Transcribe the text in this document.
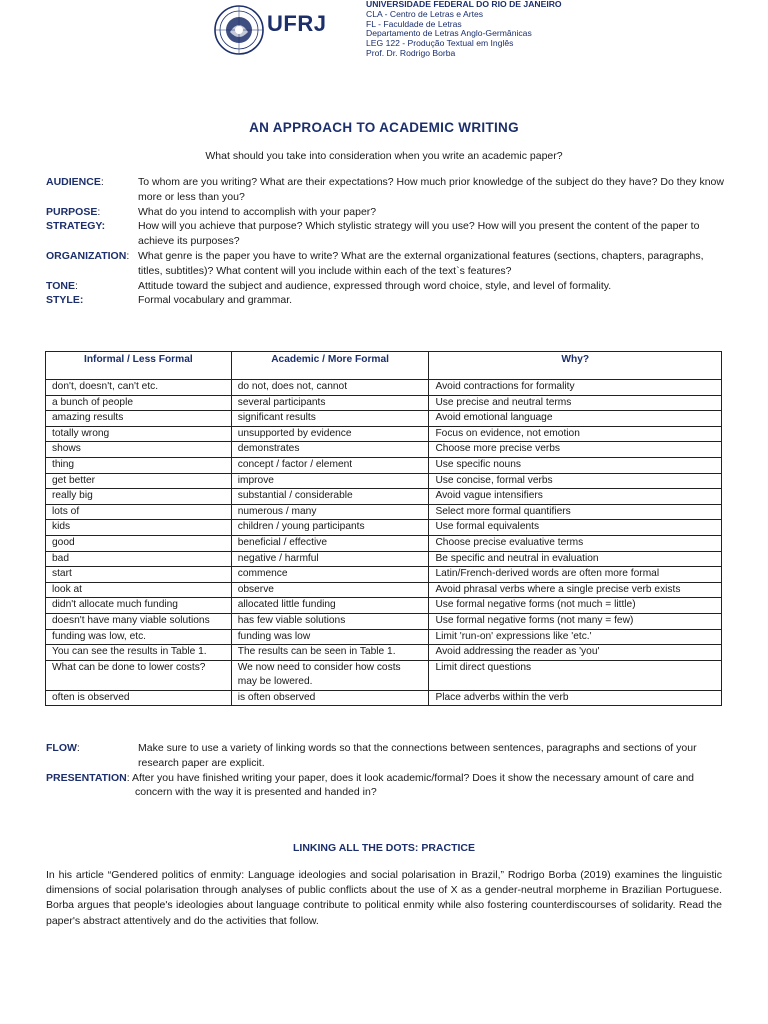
UFRJ
UNIVERSIDADE FEDERAL DO RIO DE JANEIRO
CLA - Centro de Letras e Artes
FL - Faculdade de Letras
Departamento de Letras Anglo-Germânicas
LEG 122 - Produção Textual em Inglês
Prof. Dr. Rodrigo Borba
AN APPROACH TO ACADEMIC WRITING
What should you take into consideration when you write an academic paper?
AUDIENCE:	To whom are you writing? What are their expectations? How much prior knowledge of the subject do they have? Do they know more or less than you?
PURPOSE:	What do you intend to accomplish with your paper?
STRATEGY:	How will you achieve that purpose? Which stylistic strategy will you use? How will you present the content of the paper to achieve its purposes?
ORGANIZATION: What genre is the paper you have to write? What are the external organizational features (sections, chapters, paragraphs, titles, subtitles)? What content will you include within each of the text`s features?
TONE:	Attitude toward the subject and audience, expressed through word choice, style, and level of formality.
STYLE:	Formal vocabulary and grammar.
Informal / Less Formal	Academic / More Formal	Why?
don't, doesn't, can't etc.	do not, does not, cannot	Avoid contractions for formality
a bunch of people	several participants	Use precise and neutral terms
amazing results	significant results	Avoid emotional language
totally wrong	unsupported by evidence	Focus on evidence, not emotion
shows	demonstrates	Choose more precise verbs
thing	concept / factor / element	Use specific nouns
get better	improve	Use concise, formal verbs
really big	substantial / considerable	Avoid vague intensifiers
lots of	numerous / many	Select more formal quantifiers
kids	children / young participants	Use formal equivalents
good	beneficial / effective	Choose precise evaluative terms
bad	negative / harmful	Be specific and neutral in evaluation
start	commence	Latin/French-derived words are often more formal
look at	observe	Avoid phrasal verbs where a single precise verb exists
didn't allocate much funding	allocated little funding	Use formal negative forms (not much = little)
doesn't have many viable solutions	has few viable solutions	Use formal negative forms (not many = few)
funding was low, etc.	funding was low	Limit 'run-on' expressions like 'etc.'
You can see the results in Table 1.	The results can be seen in Table 1.	Avoid addressing the reader as 'you'
What can be done to lower costs?	We now need to consider how costs may be lowered.	Limit direct questions
often is observed	is often observed	Place adverbs within the verb
FLOW:	Make sure to use a variety of linking words so that the connections between sentences, paragraphs and sections of your research paper are explicit.
PRESENTATION: After you have finished writing your paper, does it look academic/formal? Does it show the necessary amount of care and concern with the way it is presented and handed in?
LINKING ALL THE DOTS: PRACTICE
In his article “Gendered politics of enmity: Language ideologies and social polarisation in Brazil,” Rodrigo Borba (2019) examines the linguistic dimensions of social polarisation through analyses of public conflicts about the use of X as a gender-neutral morpheme in Brazilian Portuguese. Borba argues that people's ideologies about language contribute to political enmity while also fostering counterdiscourses of solidarity. Read the paper's abstract attentively and do the activities that follow.
